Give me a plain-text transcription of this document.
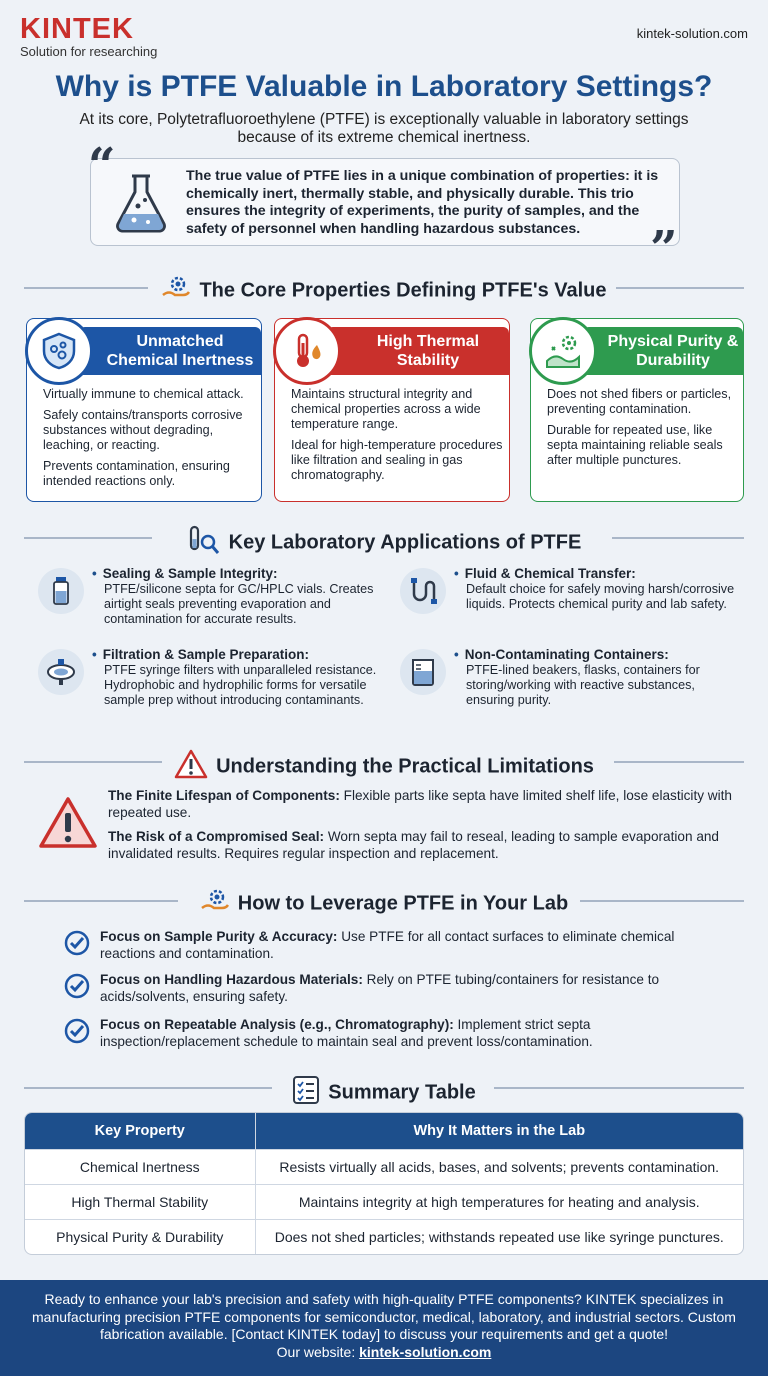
KINTEK
Solution for researching
kintek-solution.com
Why is PTFE Valuable in Laboratory Settings?
At its core, Polytetrafluoroethylene (PTFE) is exceptionally valuable in laboratory settings because of its extreme chemical inertness.
“
”
The true value of PTFE lies in a unique combination of properties: it is chemically inert, thermally stable, and physically durable. This trio ensures the integrity of experiments, the purity of samples, and the safety of personnel when handling hazardous substances.
The Core Properties Defining PTFE's Value
Unmatched Chemical Inertness

Virtually immune to chemical attack.

Safely contains/transports corrosive substances without degrading, leaching, or reacting.

Prevents contamination, ensuring intended reactions only.

High Thermal Stability

Maintains structural integrity and chemical properties across a wide temperature range.

Ideal for high-temperature procedures like filtration and sealing in gas chromatography.

Physical Purity & Durability

Does not shed fibers or particles, preventing contamination.

Durable for repeated use, like septa maintaining reliable seals after multiple punctures.

Key Laboratory Applications of PTFE
• Sealing & Sample Integrity:
PTFE/silicone septa for GC/HPLC vials. Creates airtight seals preventing evaporation and contamination for accurate results.
• Fluid & Chemical Transfer:
Default choice for safely moving harsh/corrosive liquids. Protects chemical purity and lab safety.
• Filtration & Sample Preparation:
PTFE syringe filters with unparalleled resistance. Hydrophobic and hydrophilic forms for versatile sample prep without introducing contaminants.
• Non-Contaminating Containers:
PTFE-lined beakers, flasks, containers for storing/working with reactive substances, ensuring purity.
Understanding the Practical Limitations
The Finite Lifespan of Components: Flexible parts like septa have limited shelf life, lose elasticity with repeated use.
The Risk of a Compromised Seal: Worn septa may fail to reseal, leading to sample evaporation and invalidated results. Requires regular inspection and replacement.
How to Leverage PTFE in Your Lab
Focus on Sample Purity & Accuracy: Use PTFE for all contact surfaces to eliminate chemical reactions and contamination.
Focus on Handling Hazardous Materials: Rely on PTFE tubing/containers for resistance to acids/solvents, ensuring safety.
Focus on Repeatable Analysis (e.g., Chromatography): Implement strict septa inspection/replacement schedule to maintain seal and prevent loss/contamination.
Summary Table
Key Property	Why It Matters in the Lab
Chemical Inertness	Resists virtually all acids, bases, and solvents; prevents contamination.
High Thermal Stability	Maintains integrity at high temperatures for heating and analysis.
Physical Purity & Durability	Does not shed particles; withstands repeated use like syringe punctures.
Ready to enhance your lab's precision and safety with high-quality PTFE components? KINTEK specializes in manufacturing precision PTFE components for semiconductor, medical, laboratory, and industrial sectors. Custom fabrication available. [Contact KINTEK today] to discuss your requirements and get a quote!
Our website: kintek-solution.com
